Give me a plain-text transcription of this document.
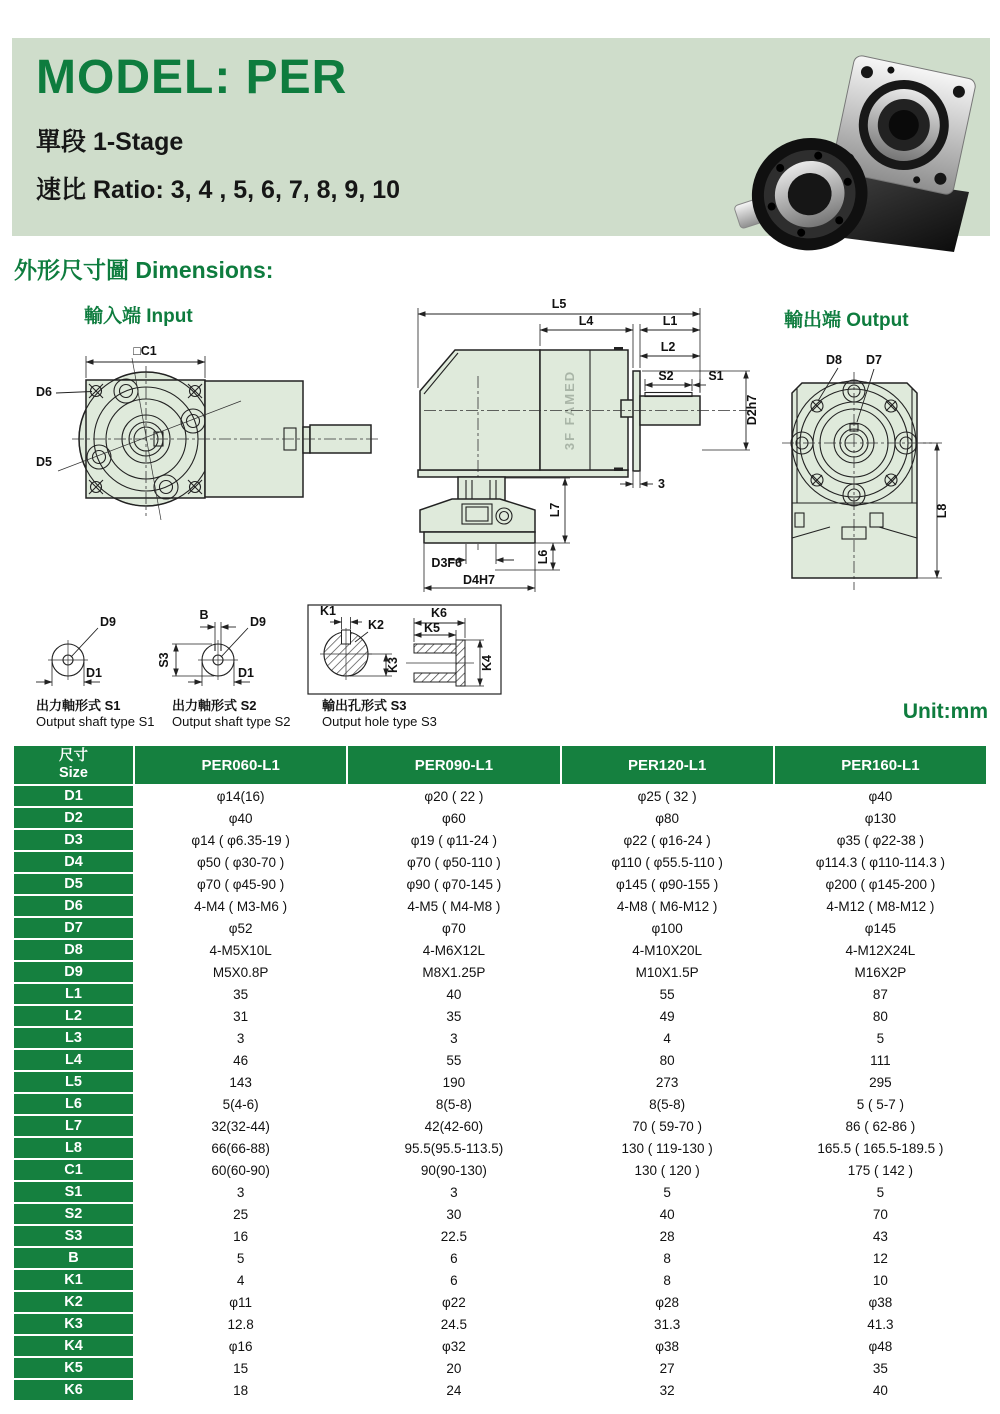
MODEL: PER
單段 1-Stage
速比 Ratio: 3, 4 , 5, 6, 7, 8, 9, 10
外形尺寸圖 Dimensions:
輸入端 Input
□C1
D6
D5
3F FAMED
L5
L4	L1
L2
S2	S1
D2h7
3
L7
L6
D3F6
D4H7
輸出端 Output
D8 D7
L8
D9
D1
B
S3
D9
D1
K1
K2
K3
K6
K5
K4
出力軸形式 S1
Output shaft type S1
出力軸形式 S2
Output shaft type S2
輸出孔形式 S3
Output hole type S3	Unit:mm
尺寸
Size	PER060-L1	PER090-L1	PER120-L1	PER160-L1
D1	φ14(16)	φ20 ( 22 )	φ25 ( 32 )	φ40
D2	φ40	φ60	φ80	φ130
D3	φ14 ( φ6.35-19 )	φ19 ( φ11-24 )	φ22 ( φ16-24 )	φ35 ( φ22-38 )
D4	φ50 ( φ30-70 )	φ70 ( φ50-110 )	φ110 ( φ55.5-110 )	φ114.3 ( φ110-114.3 )
D5	φ70 ( φ45-90 )	φ90 ( φ70-145 )	φ145 ( φ90-155 )	φ200 ( φ145-200 )
D6	4-M4 ( M3-M6 )	4-M5 ( M4-M8 )	4-M8 ( M6-M12 )	4-M12 ( M8-M12 )
D7	φ52	φ70	φ100	φ145
D8	4-M5X10L	4-M6X12L	4-M10X20L	4-M12X24L
D9	M5X0.8P	M8X1.25P	M10X1.5P	M16X2P
L1	35	40	55	87
L2	31	35	49	80
L3	3	3	4	5
L4	46	55	80	111
L5	143	190	273	295
L6	5(4-6)	8(5-8)	8(5-8)	5 ( 5-7 )
L7	32(32-44)	42(42-60)	70 ( 59-70 )	86 ( 62-86 )
L8	66(66-88)	95.5(95.5-113.5)	130 ( 119-130 )	165.5 ( 165.5-189.5 )
C1	60(60-90)	90(90-130)	130 ( 120 )	175 ( 142 )
S1	3	3	5	5
S2	25	30	40	70
S3	16	22.5	28	43
B	5	6	8	12
K1	4	6	8	10
K2	φ11	φ22	φ28	φ38
K3	12.8	24.5	31.3	41.3
K4	φ16	φ32	φ38	φ48
K5	15	20	27	35
K6	18	24	32	40
